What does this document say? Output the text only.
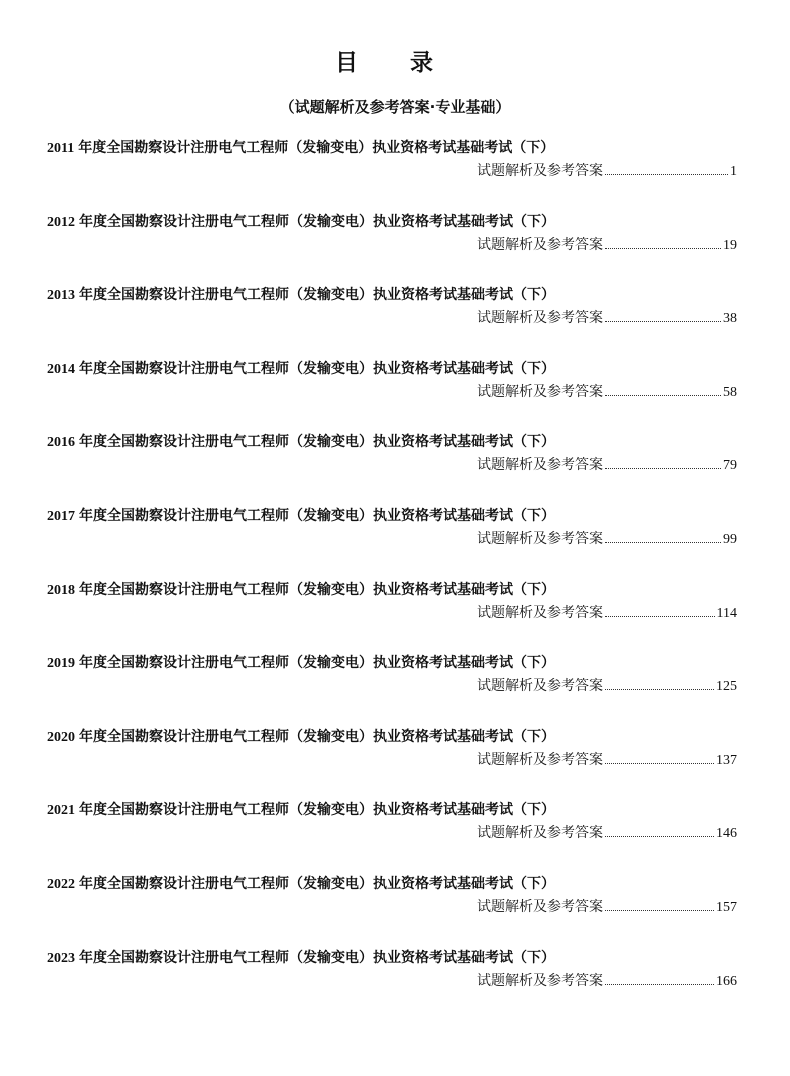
目 录
（试题解析及参考答案·专业基础）
2011 年度全国勘察设计注册电气工程师（发输变电）执业资格考试基础考试（下）
试题解析及参考答案	1
2012 年度全国勘察设计注册电气工程师（发输变电）执业资格考试基础考试（下）
试题解析及参考答案	19
2013 年度全国勘察设计注册电气工程师（发输变电）执业资格考试基础考试（下）
试题解析及参考答案	38
2014 年度全国勘察设计注册电气工程师（发输变电）执业资格考试基础考试（下）
试题解析及参考答案	58
2016 年度全国勘察设计注册电气工程师（发输变电）执业资格考试基础考试（下）
试题解析及参考答案	79
2017 年度全国勘察设计注册电气工程师（发输变电）执业资格考试基础考试（下）
试题解析及参考答案	99
2018 年度全国勘察设计注册电气工程师（发输变电）执业资格考试基础考试（下）
试题解析及参考答案	114
2019 年度全国勘察设计注册电气工程师（发输变电）执业资格考试基础考试（下）
试题解析及参考答案	125
2020 年度全国勘察设计注册电气工程师（发输变电）执业资格考试基础考试（下）
试题解析及参考答案	137
2021 年度全国勘察设计注册电气工程师（发输变电）执业资格考试基础考试（下）
试题解析及参考答案	146
2022 年度全国勘察设计注册电气工程师（发输变电）执业资格考试基础考试（下）
试题解析及参考答案	157
2023 年度全国勘察设计注册电气工程师（发输变电）执业资格考试基础考试（下）
试题解析及参考答案	166
